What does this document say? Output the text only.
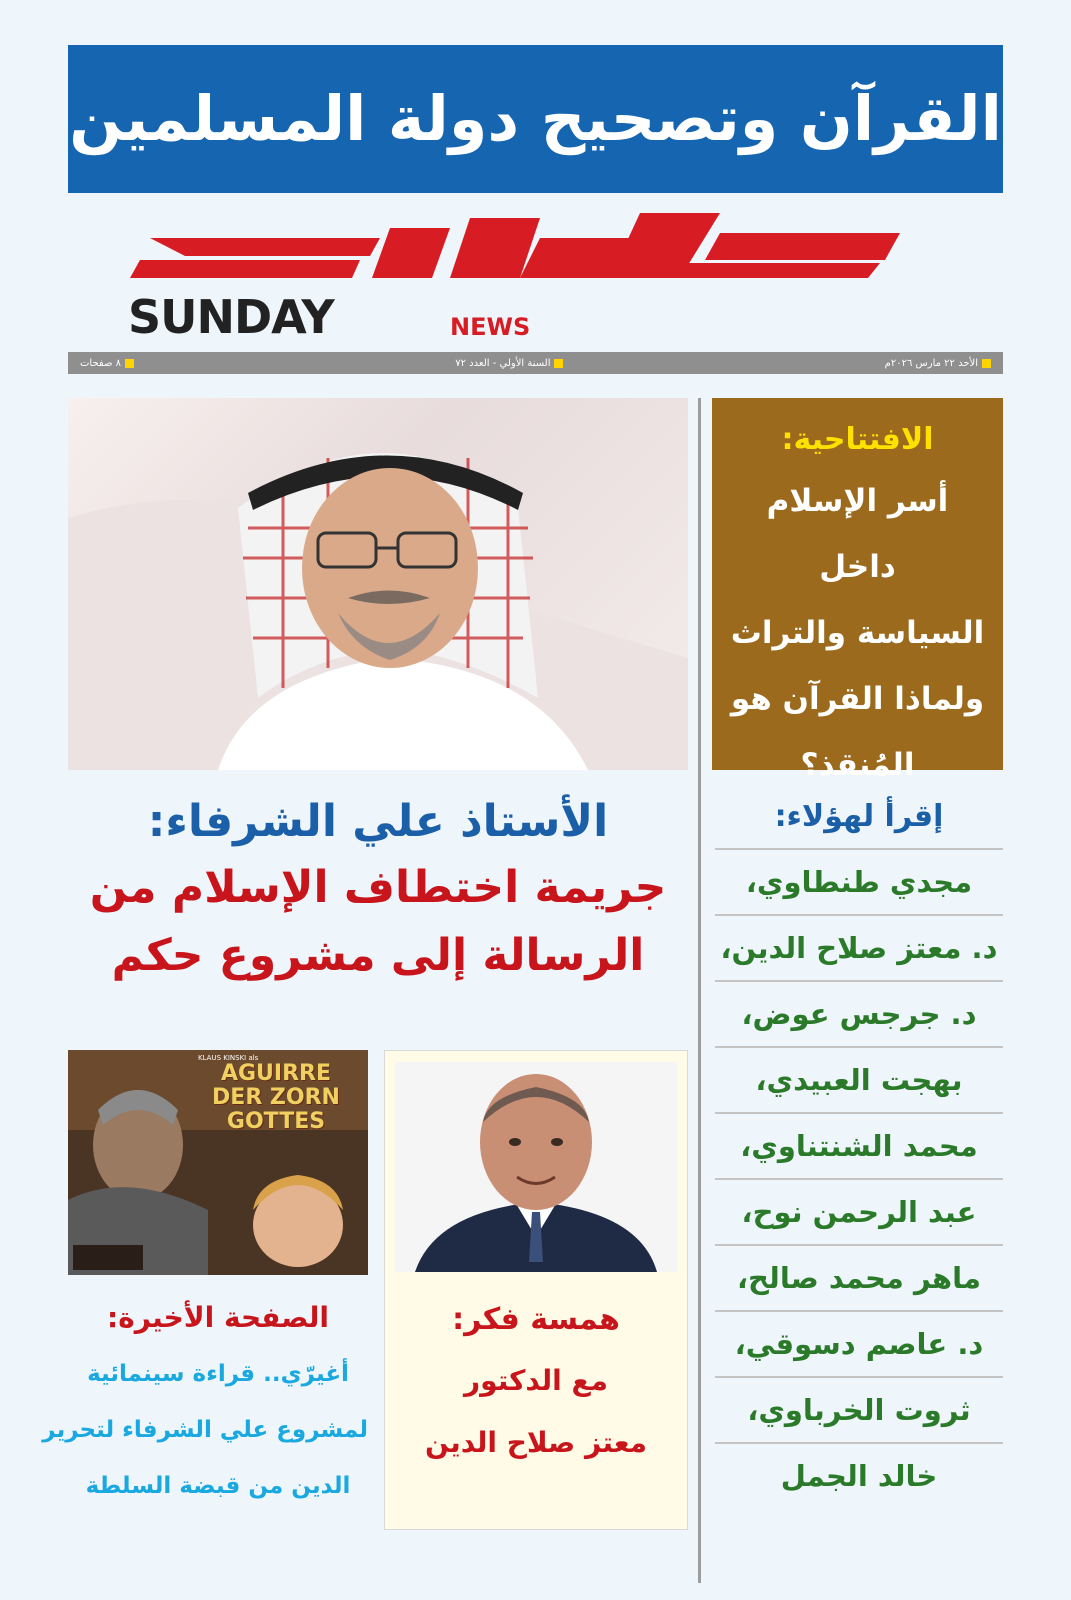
القرآن وتصحيح دولة المسلمين
SUNDAY	NEWS
الأحد ٢٢ مارس ٢٠٢٦م
السنة الأولي - العدد ٧٢
٨ صفحات
الافتتاحية:
أسر الإسلام داخل
السياسة والتراث
ولماذا القرآن هو
المُنقذ؟
الأستاذ علي الشرفاء:
جريمة اختطاف الإسلام من
الرسالة إلى مشروع حكم
إقرأ لهؤلاء:
مجدي طنطاوي،
د. معتز صلاح الدين،
د. جرجس عوض،
بهجت العبيدي،
محمد الشنتناوي،
عبد الرحمن نوح،
ماهر محمد صالح،
د. عاصم دسوقي،
ثروت الخرباوي،
خالد الجمل
همسة فكر:
مع الدكتور
معتز صلاح الدين
KLAUS KINSKI als
AGUIRRE
DER ZORN
GOTTES
الصفحة الأخيرة:
أغيرّي.. قراءة سينمائية
لمشروع علي الشرفاء لتحرير
الدين من قبضة السلطة
